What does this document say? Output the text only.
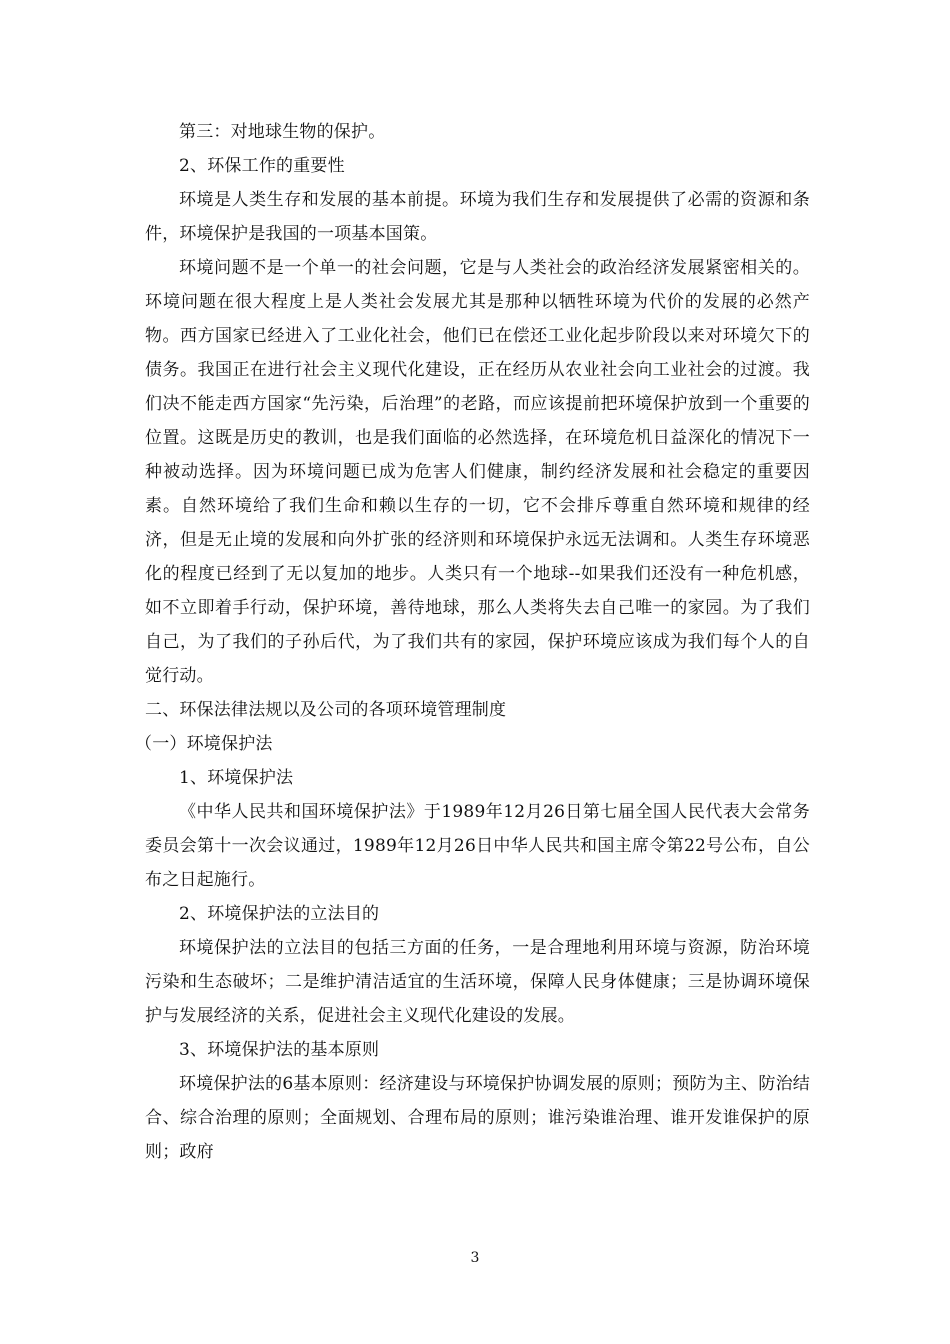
第三：对地球生物的保护。

2、环保工作的重要性

环境是人类生存和发展的基本前提。环境为我们生存和发展提供了必需的资源和条件，环境保护是我国的一项基本国策。

环境问题不是一个单一的社会问题，它是与人类社会的政治经济发展紧密相关的。环境问题在很大程度上是人类社会发展尤其是那种以牺牲环境为代价的发展的必然产物。西方国家已经进入了工业化社会，他们已在偿还工业化起步阶段以来对环境欠下的债务。我国正在进行社会主义现代化建设，正在经历从农业社会向工业社会的过渡。我们决不能走西方国家“先污染，后治理”的老路，而应该提前把环境保护放到一个重要的位置。这既是历史的教训，也是我们面临的必然选择，在环境危机日益深化的情况下一种被动选择。因为环境问题已成为危害人们健康，制约经济发展和社会稳定的重要因素。自然环境给了我们生命和赖以生存的一切，它不会排斥尊重自然环境和规律的经济，但是无止境的发展和向外扩张的经济则和环境保护永远无法调和。人类生存环境恶化的程度已经到了无以复加的地步。人类只有一个地球--如果我们还没有一种危机感，如不立即着手行动，保护环境，善待地球，那么人类将失去自己唯一的家园。为了我们自己，为了我们的子孙后代，为了我们共有的家园，保护环境应该成为我们每个人的自觉行动。

二、环保法律法规以及公司的各项环境管理制度

（一）环境保护法

1、环境保护法

《中华人民共和国环境保护法》于1989年12月26日第七届全国人民代表大会常务委员会第十一次会议通过，1989年12月26日中华人民共和国主席令第22号公布，自公布之日起施行。

2、环境保护法的立法目的

环境保护法的立法目的包括三方面的任务，一是合理地利用环境与资源，防治环境污染和生态破坏；二是维护清洁适宜的生活环境，保障人民身体健康；三是协调环境保护与发展经济的关系，促进社会主义现代化建设的发展。

3、环境保护法的基本原则

环境保护法的6基本原则：经济建设与环境保护协调发展的原则；预防为主、防治结合、综合治理的原则；全面规划、合理布局的原则；谁污染谁治理、谁开发谁保护的原则；政府

3
